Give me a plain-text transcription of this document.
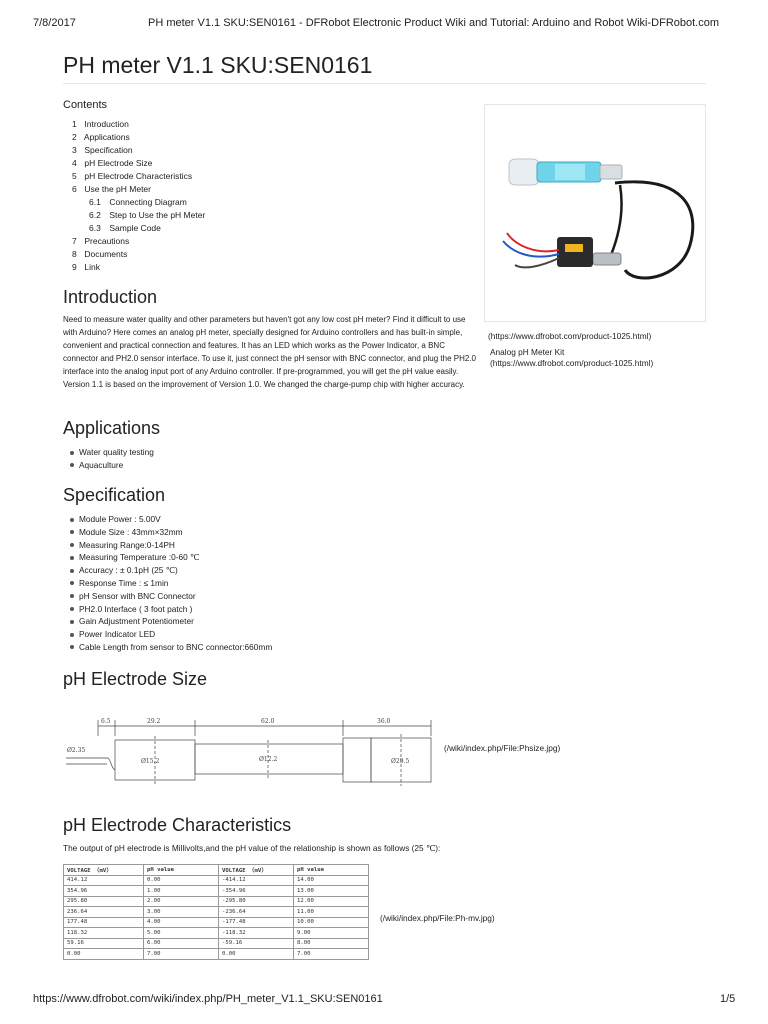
7/8/2017	PH meter V1.1 SKU:SEN0161 - DFRobot Electronic Product Wiki and Tutorial: Arduino and Robot Wiki-DFRobot.com
PH meter V1.1 SKU:SEN0161
Contents
1 Introduction
2 Applications
3 Specification
4 pH Electrode Size
5 pH Electrode Characteristics
6 Use the pH Meter
6.1 Connecting Diagram
6.2 Step to Use the pH Meter
6.3 Sample Code
7 Precautions
8 Documents
9 Link
(https://www.dfrobot.com/product-1025.html)
Analog pH Meter Kit
(https://www.dfrobot.com/product-1025.html)
Introduction

Need to measure water quality and other parameters but haven't got any low cost pH meter? Find it difficult to use with Arduino? Here comes an analog pH meter, specially designed for Arduino controllers and has built-in simple, convenient and practical connection and features. It has an LED which works as the Power Indicator, a BNC connector and PH2.0 sensor interface. To use it, just connect the pH sensor with BNC connector, and plug the PH2.0 interface into the analog input port of any Arduino controller. If pre-programmed, you will get the pH value easily. Version 1.1 is based on the improvement of Version 1.0. We changed the charge-pump chip with higher accuracy.

Applications
Water quality testing
Aquaculture
Specification
Module Power : 5.00V
Module Size : 43mm×32mm
Measuring Range:0-14PH
Measuring Temperature :0-60 ℃
Accuracy : ± 0.1pH (25 ℃)
Response Time : ≤ 1min
pH Sensor with BNC Connector
PH2.0 Interface ( 3 foot patch )
Gain Adjustment Potentiometer
Power Indicator LED
Cable Length from sensor to BNC connector:660mm
pH Electrode Size
6.5	29.2	62.0	36.0
Ø2.35
Ø15.2	Ø12.2	Ø29.5
(/wiki/index.php/File:Phsize.jpg)
pH Electrode Characteristics
The output of pH electrode is Millivolts,and the pH value of the relationship is shown as follows (25 ℃):
VOLTAGE （mV）	pH value	VOLTAGE （mV）	pH value
414.12	0.00	-414.12	14.00
354.96	1.00	-354.96	13.00
295.80	2.00	-295.80	12.00
236.64	3.00	-236.64	11.00
177.48	4.00	-177.48	10.00
118.32	5.00	-118.32	9.00
59.16	6.00	-59.16	8.00
0.00	7.00	0.00	7.00
(/wiki/index.php/File:Ph-mv.jpg)
https://www.dfrobot.com/wiki/index.php/PH_meter_V1.1_SKU:SEN0161	1/5
